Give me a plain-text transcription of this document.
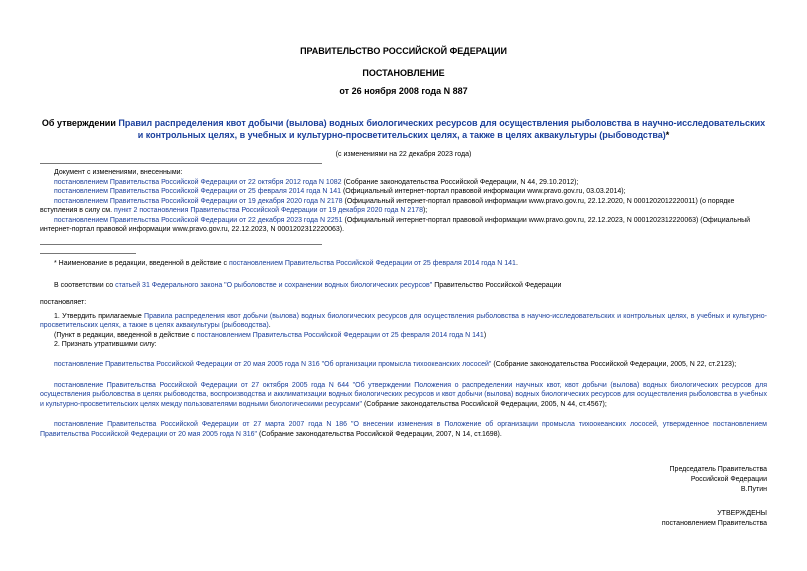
ПРАВИТЕЛЬСТВО РОССИЙСКОЙ ФЕДЕРАЦИИ
ПОСТАНОВЛЕНИЕ
от 26 ноября 2008 года N 887
Об утверждении Правил распределения квот добычи (вылова) водных биологических ресурсов для осуществления рыболовства в научно-исследовательских и контрольных целях, в учебных и культурно-просветительских целях, а также в целях аквакультуры (рыбоводства)*
(с изменениями на 22 декабря 2023 года)

Документ с изменениями, внесенными:

постановлением Правительства Российской Федерации от 22 октября 2012 года N 1082 (Собрание законодательства Российской Федерации, N 44, 29.10.2012);

постановлением Правительства Российской Федерации от 25 февраля 2014 года N 141 (Официальный интернет-портал правовой информации www.pravo.gov.ru, 03.03.2014);

постановлением Правительства Российской Федерации от 19 декабря 2020 года N 2178 (Официальный интернет-портал правовой информации www.pravo.gov.ru, 22.12.2020, N 0001202012220011) (о порядке вступления в силу см. пункт 2 постановления Правительства Российской Федерации от 19 декабря 2020 года N 2178);

постановлением Правительства Российской Федерации от 22 декабря 2023 года N 2251 (Официальный интернет-портал правовой информации www.pravo.gov.ru, 22.12.2023, N 0001202312220063) (Официальный интернет-портал правовой информации www.pravo.gov.ru, 22.12.2023, N 0001202312220063).

* Наименование в редакции, введенной в действие с постановлением Правительства Российской Федерации от 25 февраля 2014 года N 141.

В соответствии со статьей 31 Федерального закона "О рыболовстве и сохранении водных биологических ресурсов" Правительство Российской Федерации

постановляет:

1. Утвердить прилагаемые Правила распределения квот добычи (вылова) водных биологических ресурсов для осуществления рыболовства в научно-исследовательских и контрольных целях, в учебных и культурно-просветительских целях, а также в целях аквакультуры (рыбоводства).

(Пункт в редакции, введенной в действие с постановлением Правительства Российской Федерации от 25 февраля 2014 года N 141)

2. Признать утратившими силу:

постановление Правительства Российской Федерации от 20 мая 2005 года N 316 "Об организации промысла тихоокеанских лососей" (Собрание законодательства Российской Федерации, 2005, N 22, ст.2123);

постановление Правительства Российской Федерации от 27 октября 2005 года N 644 "Об утверждении Положения о распределении научных квот, квот добычи (вылова) водных биологических ресурсов для осуществления рыболовства в целях рыбоводства, воспроизводства и акклиматизации водных биологических ресурсов и квот добычи (вылова) водных биологических ресурсов для осуществления рыболовства в учебных и культурно-просветительских целях между пользователями водными биологическими ресурсами" (Собрание законодательства Российской Федерации, 2005, N 44, ст.4567);

постановление Правительства Российской Федерации от 27 марта 2007 года N 186 "О внесении изменения в Положение об организации промысла тихоокеанских лососей, утвержденное постановлением Правительства Российской Федерации от 20 мая 2005 года N 316" (Собрание законодательства Российской Федерации, 2007, N 14, ст.1698).

Председатель Правительства

Российской Федерации

В.Путин

УТВЕРЖДЕНЫ

постановлением Правительства
